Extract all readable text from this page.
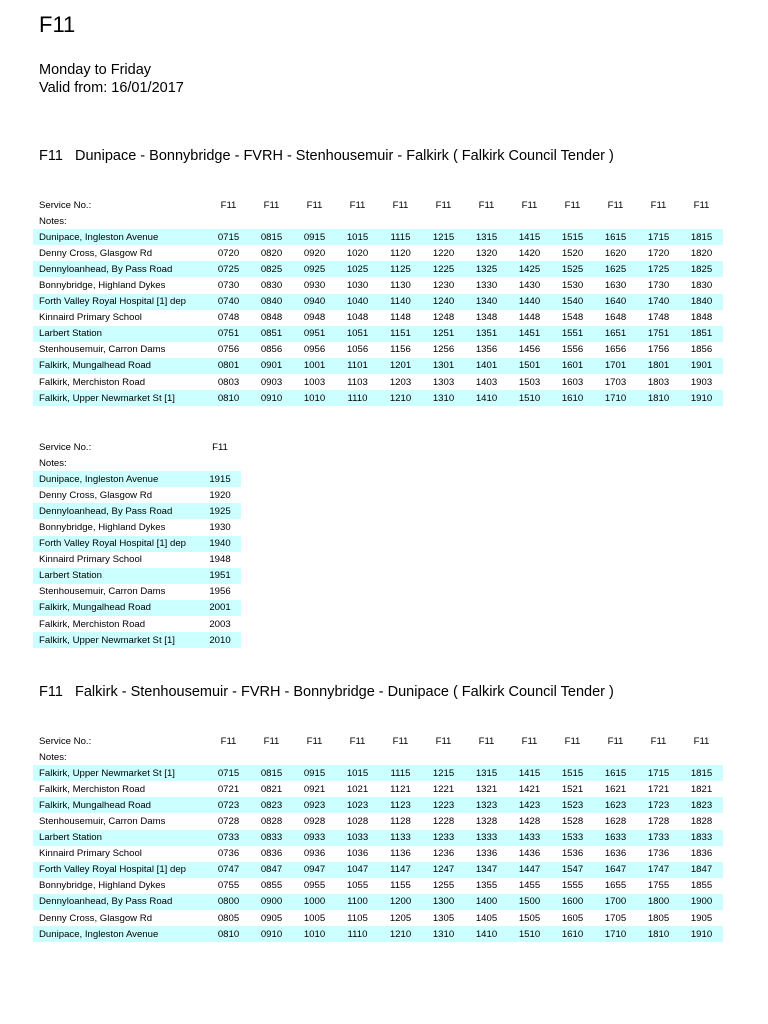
F11
Monday to Friday
Valid from: 16/01/2017
F11   Dunipace - Bonnybridge - FVRH - Stenhousemuir - Falkirk ( Falkirk Council Tender )
Service No.:	F11	F11	F11	F11	F11	F11	F11	F11	F11	F11	F11	F11
Notes:												
Dunipace, Ingleston Avenue	0715	0815	0915	1015	1115	1215	1315	1415	1515	1615	1715	1815
Denny Cross, Glasgow Rd	0720	0820	0920	1020	1120	1220	1320	1420	1520	1620	1720	1820
Dennyloanhead, By Pass Road	0725	0825	0925	1025	1125	1225	1325	1425	1525	1625	1725	1825
Bonnybridge, Highland Dykes	0730	0830	0930	1030	1130	1230	1330	1430	1530	1630	1730	1830
Forth Valley Royal Hospital [1] dep	0740	0840	0940	1040	1140	1240	1340	1440	1540	1640	1740	1840
Kinnaird Primary School	0748	0848	0948	1048	1148	1248	1348	1448	1548	1648	1748	1848
Larbert Station	0751	0851	0951	1051	1151	1251	1351	1451	1551	1651	1751	1851
Stenhousemuir, Carron Dams	0756	0856	0956	1056	1156	1256	1356	1456	1556	1656	1756	1856
Falkirk, Mungalhead Road	0801	0901	1001	1101	1201	1301	1401	1501	1601	1701	1801	1901
Falkirk, Merchiston Road	0803	0903	1003	1103	1203	1303	1403	1503	1603	1703	1803	1903
Falkirk, Upper Newmarket St [1]	0810	0910	1010	1110	1210	1310	1410	1510	1610	1710	1810	1910
Service No.:	F11
Notes:	
Dunipace, Ingleston Avenue	1915
Denny Cross, Glasgow Rd	1920
Dennyloanhead, By Pass Road	1925
Bonnybridge, Highland Dykes	1930
Forth Valley Royal Hospital [1] dep	1940
Kinnaird Primary School	1948
Larbert Station	1951
Stenhousemuir, Carron Dams	1956
Falkirk, Mungalhead Road	2001
Falkirk, Merchiston Road	2003
Falkirk, Upper Newmarket St [1]	2010
F11   Falkirk - Stenhousemuir - FVRH - Bonnybridge - Dunipace ( Falkirk Council Tender )
Service No.:	F11	F11	F11	F11	F11	F11	F11	F11	F11	F11	F11	F11
Notes:												
Falkirk, Upper Newmarket St [1]	0715	0815	0915	1015	1115	1215	1315	1415	1515	1615	1715	1815
Falkirk, Merchiston Road	0721	0821	0921	1021	1121	1221	1321	1421	1521	1621	1721	1821
Falkirk, Mungalhead Road	0723	0823	0923	1023	1123	1223	1323	1423	1523	1623	1723	1823
Stenhousemuir, Carron Dams	0728	0828	0928	1028	1128	1228	1328	1428	1528	1628	1728	1828
Larbert Station	0733	0833	0933	1033	1133	1233	1333	1433	1533	1633	1733	1833
Kinnaird Primary School	0736	0836	0936	1036	1136	1236	1336	1436	1536	1636	1736	1836
Forth Valley Royal Hospital [1] dep	0747	0847	0947	1047	1147	1247	1347	1447	1547	1647	1747	1847
Bonnybridge, Highland Dykes	0755	0855	0955	1055	1155	1255	1355	1455	1555	1655	1755	1855
Dennyloanhead, By Pass Road	0800	0900	1000	1100	1200	1300	1400	1500	1600	1700	1800	1900
Denny Cross, Glasgow Rd	0805	0905	1005	1105	1205	1305	1405	1505	1605	1705	1805	1905
Dunipace, Ingleston Avenue	0810	0910	1010	1110	1210	1310	1410	1510	1610	1710	1810	1910
